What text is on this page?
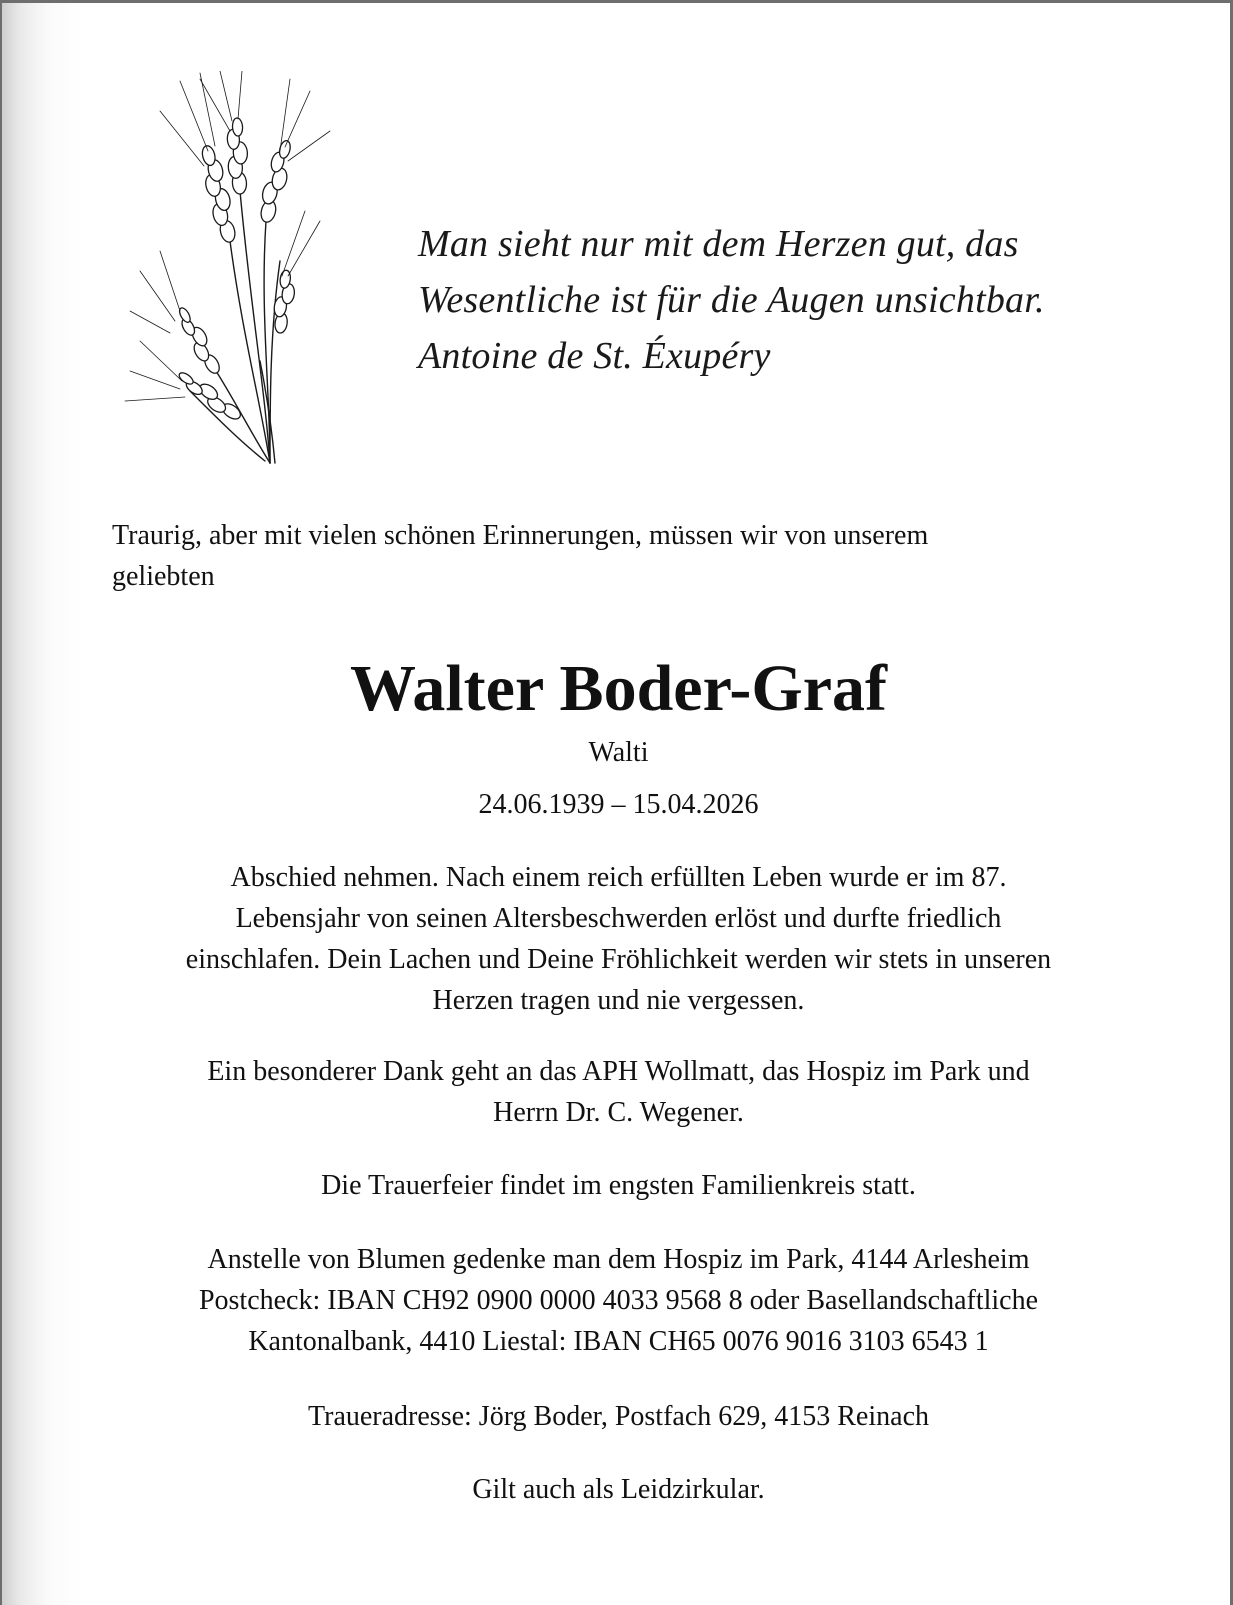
Man sieht nur mit dem Herzen gut, das
Wesentliche ist für die Augen unsichtbar.
Antoine de St. Éxupéry
Traurig, aber mit vielen schönen Erinnerungen, müssen wir von unserem
geliebten
Walter Boder-Graf
Walti
24.06.1939 – 15.04.2026
Abschied nehmen. Nach einem reich erfüllten Leben wurde er im 87.
Lebensjahr von seinen Altersbeschwerden erlöst und durfte friedlich
einschlafen. Dein Lachen und Deine Fröhlichkeit werden wir stets in unseren
Herzen tragen und nie vergessen.
Ein besonderer Dank geht an das APH Wollmatt, das Hospiz im Park und
Herrn Dr. C. Wegener.
Die Trauerfeier findet im engsten Familienkreis statt.
Anstelle von Blumen gedenke man dem Hospiz im Park, 4144 Arlesheim
Postcheck: IBAN CH92 0900 0000 4033 9568 8 oder Basellandschaftliche
Kantonalbank, 4410 Liestal: IBAN CH65 0076 9016 3103 6543 1
Traueradresse: Jörg Boder, Postfach 629, 4153 Reinach
Gilt auch als Leidzirkular.
